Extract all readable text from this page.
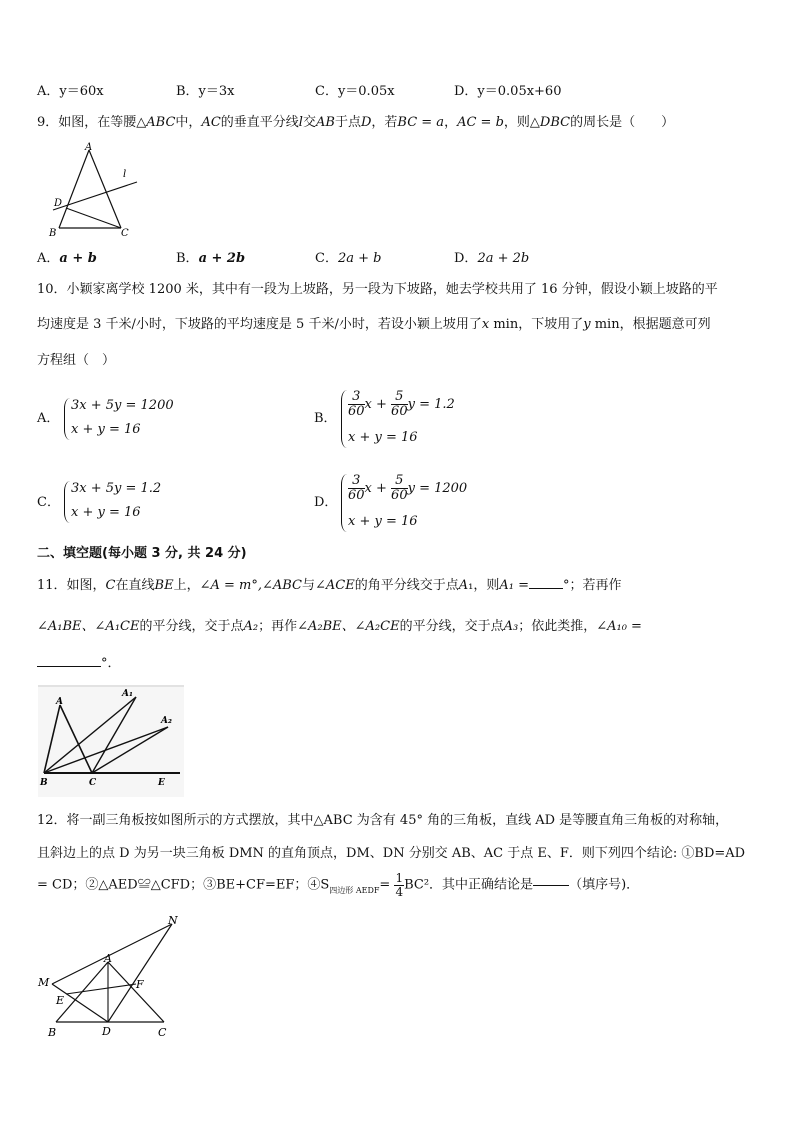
A．y＝60x	B．y＝3x	C．y＝0.05x	D．y＝0.05x+60
9．如图，在等腰△ABC中，AC的垂直平分线l交AB于点D，若BC = a，AC = b，则△DBC的周长是（　　）
A
l
D
B	C
A．a + b	B．a + 2b	C．2a + b	D．2a + 2b
10．小颖家离学校 1200 米，其中有一段为上坡路，另一段为下坡路，她去学校共用了 16 分钟，假设小颖上坡路的平
均速度是 3 千米/小时，下坡路的平均速度是 5 千米/小时，若设小颖上坡用了x min，下坡用了y min，根据题意可列
方程组（　）
A．
3x + 5y = 1200
x + y = 16
B． $\frac{3}{60}$ $x + \frac{5}{60}$ y = 1.2
x + y = 16
C．
3x + 5y = 1.2
x + y = 16
D． $\frac{3}{60}$ $x + \frac{5}{60}$ y = 1200
x + y = 16
二、填空题(每小题 3 分, 共 24 分)
11．如图，C在直线BE上，∠A = m°,∠ABC与∠ACE的角平分线交于点A₁，则A₁ =	°；若再作
∠A₁BE、∠A₁CE的平分线，交于点A₂；再作∠A₂BE、∠A₂CE的平分线，交于点A₃；依此类推，∠A₁₀ =
°．
A
A₁
A₂
B	C	E
12．将一副三角板按如图所示的方式摆放，其中△ABC 为含有 45° 角的三角板，直线 AD 是等腰直角三角板的对称轴，
且斜边上的点 D 为另一块三角板 DMN 的直角顶点，DM、DN 分别交 AB、AC 于点 E、F．则下列四个结论: ①BD=AD
= CD；②△AED≌△CFD；③BE+CF=EF；$④S_{四边形 AEDF}= \frac{1}{4} BC^2$．其中正确结论是	（填序号)．
N
M
A
E
F
B	D	C
